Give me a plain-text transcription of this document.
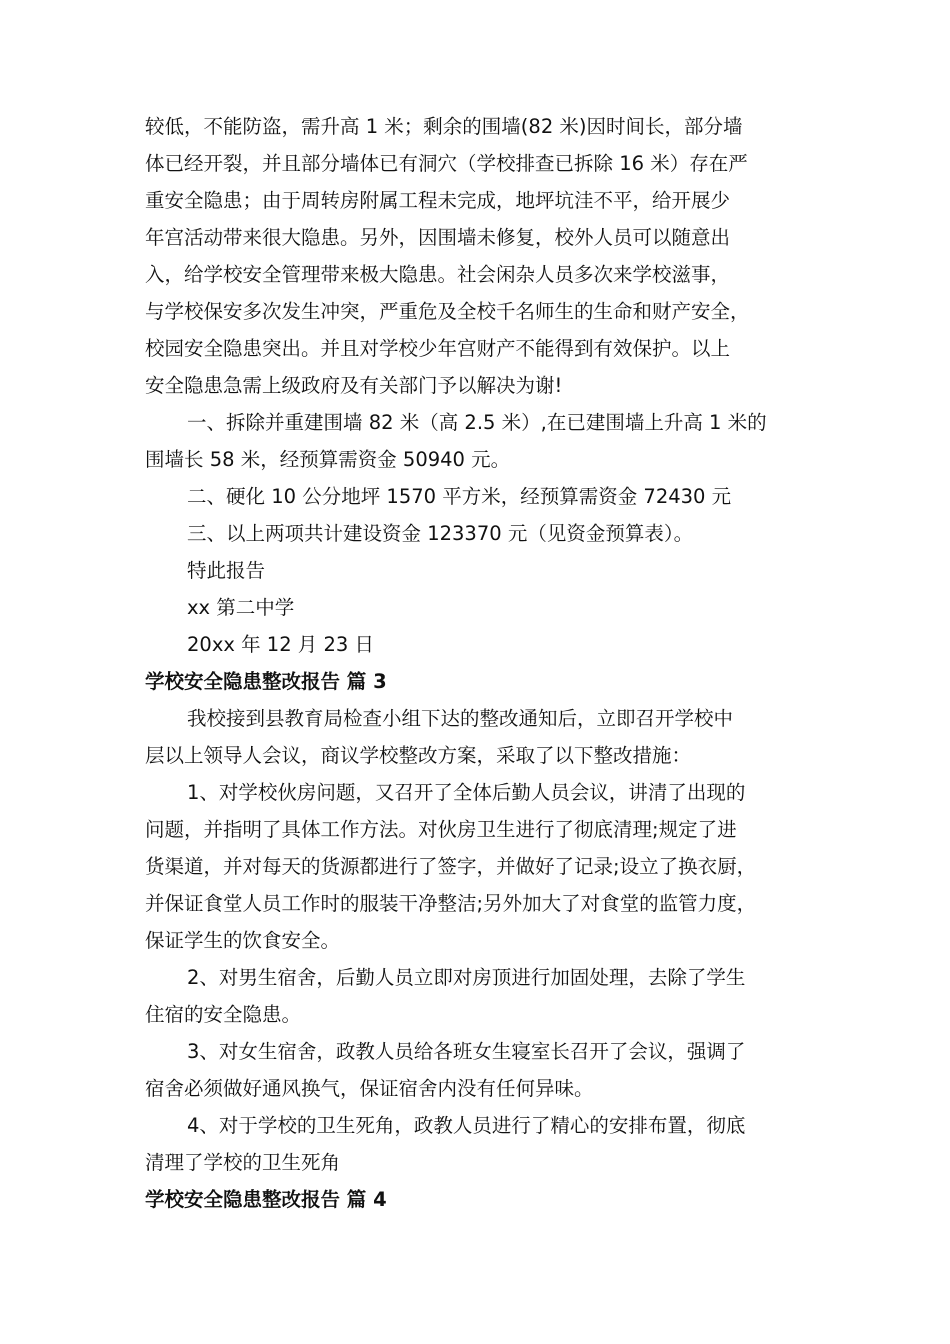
较低，不能防盗，需升高 1 米；剩余的围墙(82 米)因时间长，部分墙
体已经开裂，并且部分墙体已有洞穴（学校排查已拆除 16 米）存在严
重安全隐患；由于周转房附属工程未完成，地坪坑洼不平，给开展少
年宫活动带来很大隐患。另外，因围墙未修复，校外人员可以随意出
入，给学校安全管理带来极大隐患。社会闲杂人员多次来学校滋事，
与学校保安多次发生冲突，严重危及全校千名师生的生命和财产安全，
校园安全隐患突出。并且对学校少年宫财产不能得到有效保护。以上
安全隐患急需上级政府及有关部门予以解决为谢!
一、拆除并重建围墙 82 米（高 2.5 米）,在已建围墙上升高 1 米的
围墙长 58 米，经预算需资金 50940 元。
二、硬化 10 公分地坪 1570 平方米，经预算需资金 72430 元
三、以上两项共计建设资金 123370 元（见资金预算表）。
特此报告
xx 第二中学
20xx 年 12 月 23 日
学校安全隐患整改报告 篇 3
我校接到县教育局检查小组下达的整改通知后，立即召开学校中
层以上领导人会议，商议学校整改方案，采取了以下整改措施：
1、对学校伙房问题，又召开了全体后勤人员会议，讲清了出现的
问题，并指明了具体工作方法。对伙房卫生进行了彻底清理;规定了进
货渠道，并对每天的货源都进行了签字，并做好了记录;设立了换衣厨，
并保证食堂人员工作时的服装干净整洁;另外加大了对食堂的监管力度，
保证学生的饮食安全。
2、对男生宿舍，后勤人员立即对房顶进行加固处理，去除了学生
住宿的安全隐患。
3、对女生宿舍，政教人员给各班女生寝室长召开了会议，强调了
宿舍必须做好通风换气，保证宿舍内没有任何异味。
4、对于学校的卫生死角，政教人员进行了精心的安排布置，彻底
清理了学校的卫生死角
学校安全隐患整改报告 篇 4
